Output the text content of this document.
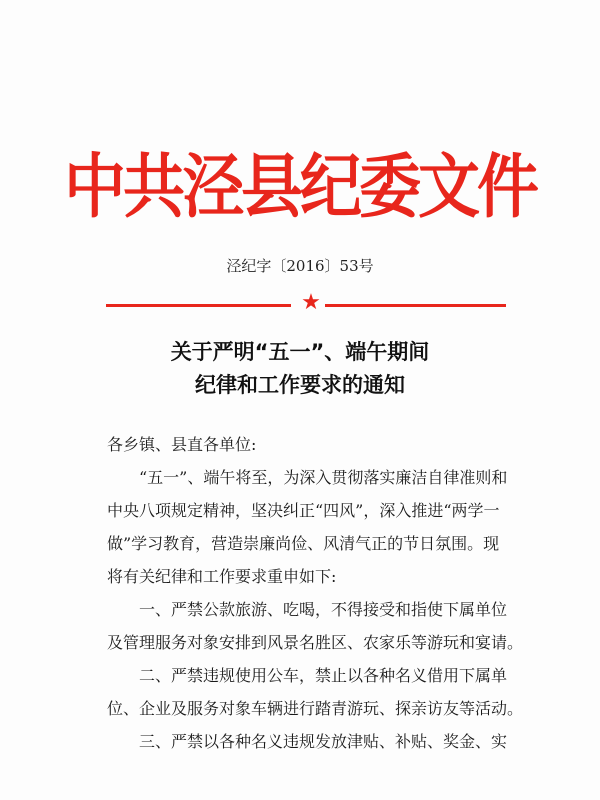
中共泾县纪委文件
泾纪字〔2016〕53号
★
关于严明“五一”、端午期间
纪律和工作要求的通知
各乡镇、县直各单位:
“五一”、端午将至，为深入贯彻落实廉洁自律准则和
中央八项规定精神，坚决纠正“四风”，深入推进“两学一
做”学习教育，营造崇廉尚俭、风清气正的节日氛围。现
将有关纪律和工作要求重申如下:
一、严禁公款旅游、吃喝，不得接受和指使下属单位
及管理服务对象安排到风景名胜区、农家乐等游玩和宴请。
二、严禁违规使用公车，禁止以各种名义借用下属单
位、企业及服务对象车辆进行踏青游玩、探亲访友等活动。
三、严禁以各种名义违规发放津贴、补贴、奖金、实
